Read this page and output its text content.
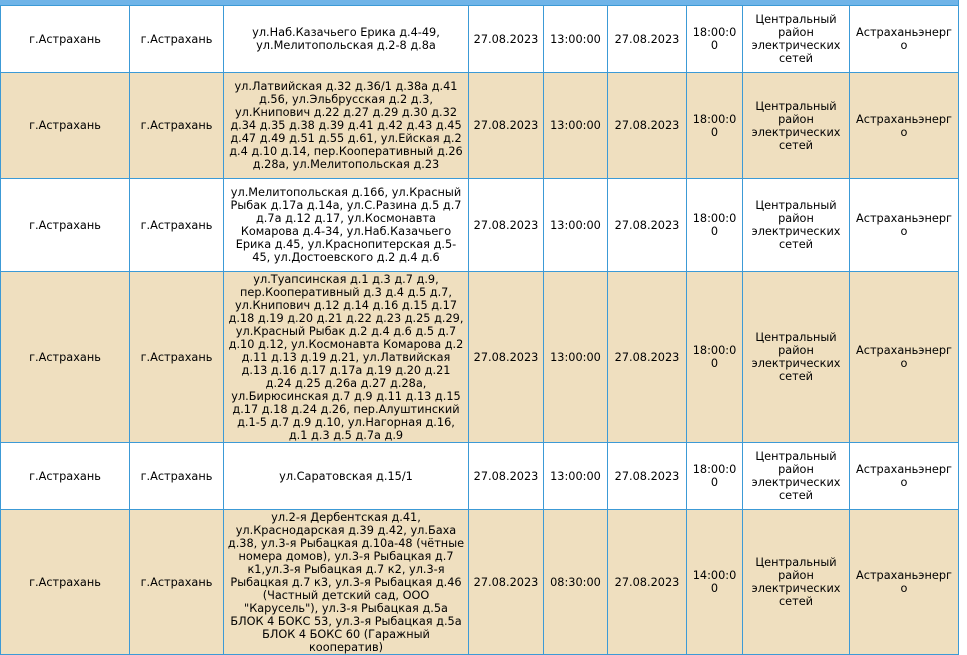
г.Астрахань	г.Астрахань	ул.Наб.Казачьего Ерика д.4-49, ул.Мелитопольская д.2-8 д.8а	27.08.2023	13:00:00	27.08.2023	18:00:00	Центральный район электрических сетей	Астраханьэнерго
г.Астрахань	г.Астрахань	ул.Латвийская д.32 д.36/1 д.38а д.41 д.56, ул.Эльбрусская д.2 д.3, ул.Книпович д.22 д.27 д.29 д.30 д.32 д.34 д.35 д.38 д.39 д.41 д.42 д.43 д.45 д.47 д.49 д.51 д.55 д.61, ул.Ейская д.2 д.4 д.10 д.14, пер.Кооперативный д.26 д.28а, ул.Мелитопольская д.23	27.08.2023	13:00:00	27.08.2023	18:00:00	Центральный район электрических сетей	Астраханьэнерго
г.Астрахань	г.Астрахань	ул.Мелитопольская д.166, ул.Красный Рыбак д.17а д.14а, ул.С.Разина д.5 д.7 д.7а д.12 д.17, ул.Космонавта Комарова д.4-34, ул.Наб.Казачьего Ерика д.45, ул.Краснопитерская д.5-45, ул.Достоевского д.2 д.4 д.6	27.08.2023	13:00:00	27.08.2023	18:00:00	Центральный район электрических сетей	Астраханьэнерго
г.Астрахань	г.Астрахань	ул.Туапсинская д.1 д.3 д.7 д.9, пер.Кооперативный д.3 д.4 д.5 д.7, ул.Книпович д.12 д.14 д.16 д.15 д.17 д.18 д.19 д.20 д.21 д.22 д.23 д.25 д.29, ул.Красный Рыбак д.2 д.4 д.6 д.5 д.7 д.10 д.12, ул.Космонавта Комарова д.2 д.11 д.13 д.19 д.21, ул.Латвийская д.13 д.16 д.17 д.17а д.19 д.20 д.21 д.24 д.25 д.26а д.27 д.28а, ул.Бирюсинская д.7 д.9 д.11 д.13 д.15 д.17 д.18 д.24 д.26, пер.Алуштинский д.1-5 д.7 д.9 д.10, ул.Нагорная д.16, д.1 д.3 д.5 д.7а д.9	27.08.2023	13:00:00	27.08.2023	18:00:00	Центральный район электрических сетей	Астраханьэнерго
г.Астрахань	г.Астрахань	ул.Саратовская д.15/1	27.08.2023	13:00:00	27.08.2023	18:00:00	Центральный район электрических сетей	Астраханьэнерго
г.Астрахань	г.Астрахань	ул.2-я Дербентская д.41, ул.Краснодарская д.39 д.42, ул.Баха д.38, ул.3-я Рыбацкая д.10а-48 (чётные номера домов), ул.3-я Рыбацкая д.7 к1,ул.3-я Рыбацкая д.7 к2, ул.3-я Рыбацкая д.7 к3, ул.3-я Рыбацкая д.46 (Частный детский сад, ООО "Карусель"), ул.3-я Рыбацкая д.5а БЛОК 4 БОКС 53, ул.3-я Рыбацкая д.5а БЛОК 4 БОКС 60 (Гаражный кооператив)	27.08.2023	08:30:00	27.08.2023	14:00:00	Центральный район электрических сетей	Астраханьэнерго
